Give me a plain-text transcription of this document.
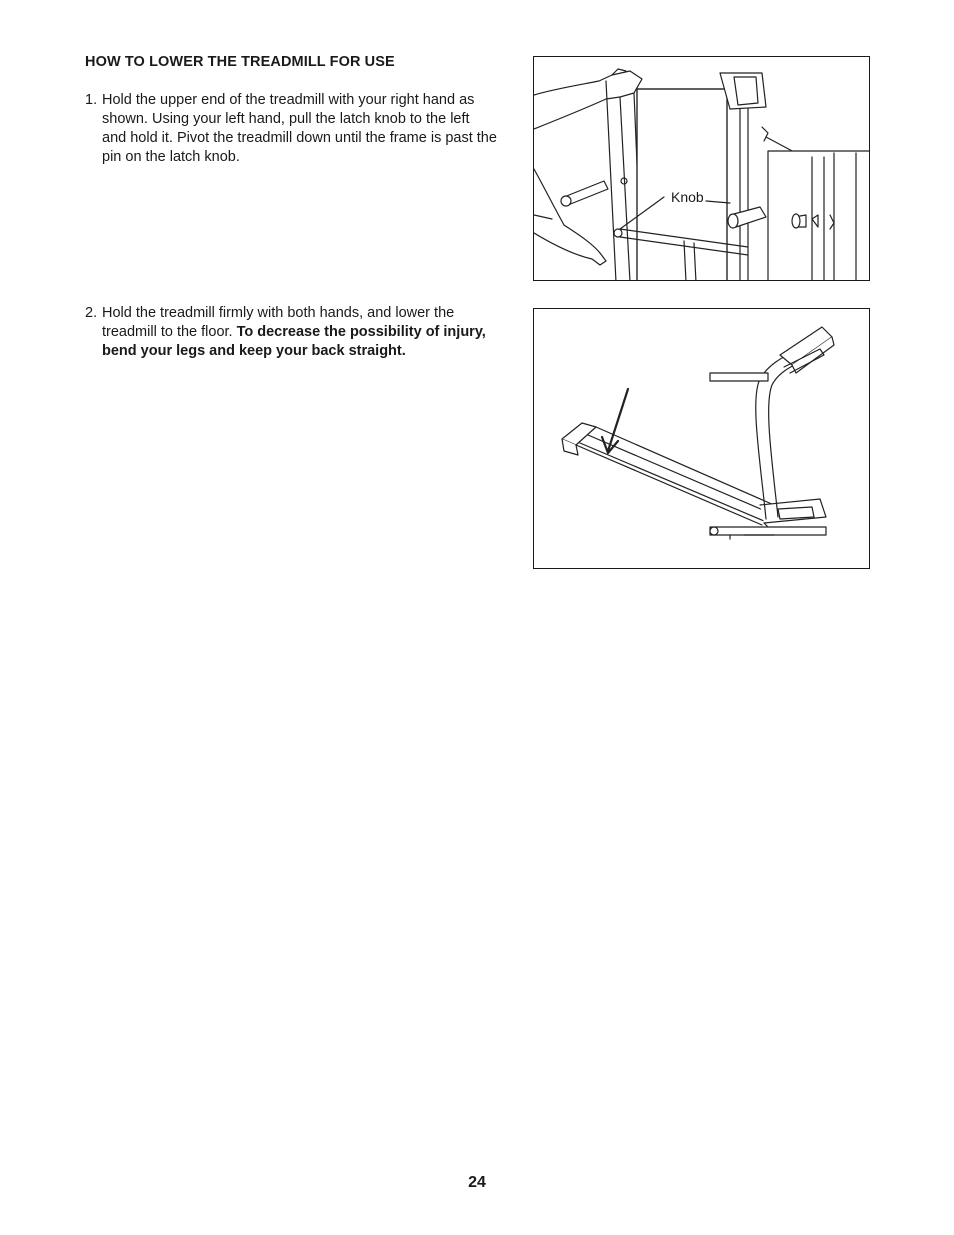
HOW TO LOWER THE TREADMILL FOR USE
1. Hold the upper end of the treadmill with your right hand as shown. Using your left hand, pull the latch knob to the left and hold it. Pivot the treadmill down until the frame is past the pin on the latch knob.
2. Hold the treadmill firmly with both hands, and lower the treadmill to the floor. To decrease the possibility of injury, bend your legs and keep your back straight.
Knob
24
